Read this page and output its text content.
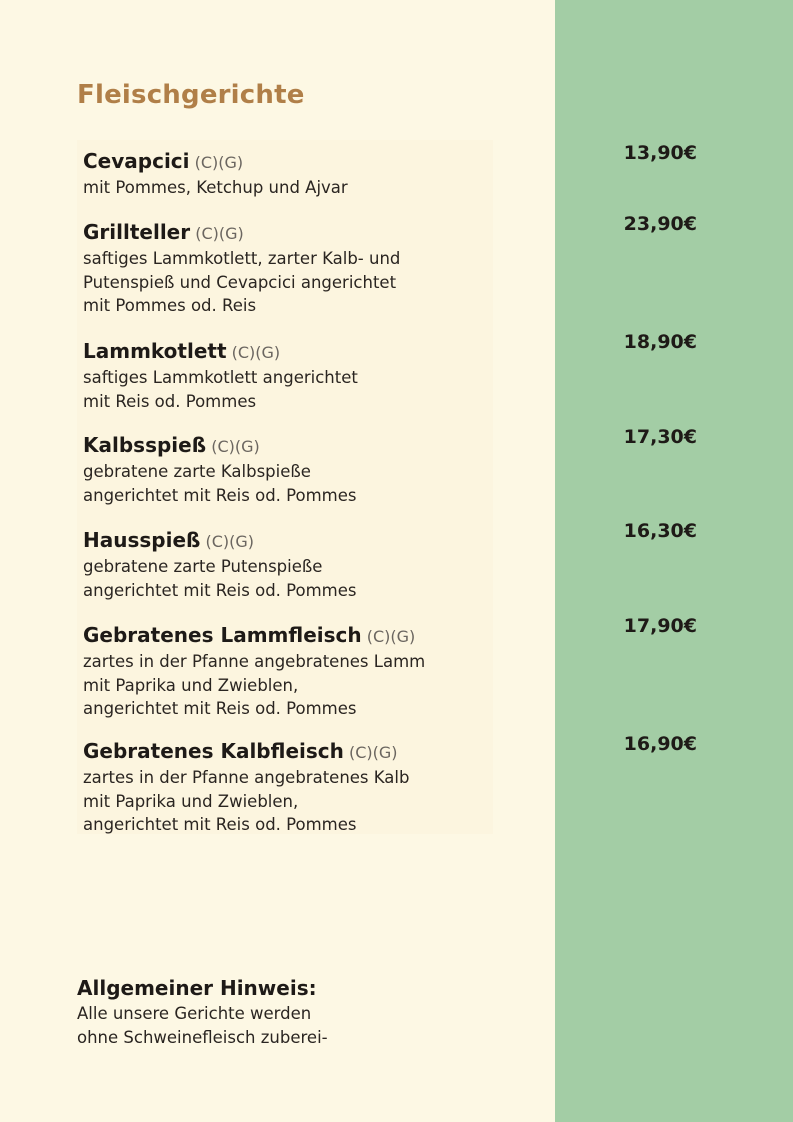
Fleischgerichte
Cevapcici (C)(G)
mit Pommes, Ketchup und Ajvar
Grillteller (C)(G)
saftiges Lammkotlett, zarter Kalb- und
Putenspieß und Cevapcici angerichtet
mit Pommes od. Reis
Lammkotlett (C)(G)
saftiges Lammkotlett angerichtet
mit Reis od. Pommes
Kalbsspieß (C)(G)
gebratene zarte Kalbspieße
angerichtet mit Reis od. Pommes
Hausspieß (C)(G)
gebratene zarte Putenspieße
angerichtet mit Reis od. Pommes
Gebratenes Lammfleisch (C)(G)
zartes in der Pfanne angebratenes Lamm
mit Paprika und Zwieblen,
angerichtet mit Reis od. Pommes
Gebratenes Kalbfleisch (C)(G)
zartes in der Pfanne angebratenes Kalb
mit Paprika und Zwieblen,
angerichtet mit Reis od. Pommes
13,90€
23,90€
18,90€
17,30€
16,30€
17,90€
16,90€

Allgemeiner Hinweis:

Alle unsere Gerichte werden
ohne Schweinefleisch zuberei-
